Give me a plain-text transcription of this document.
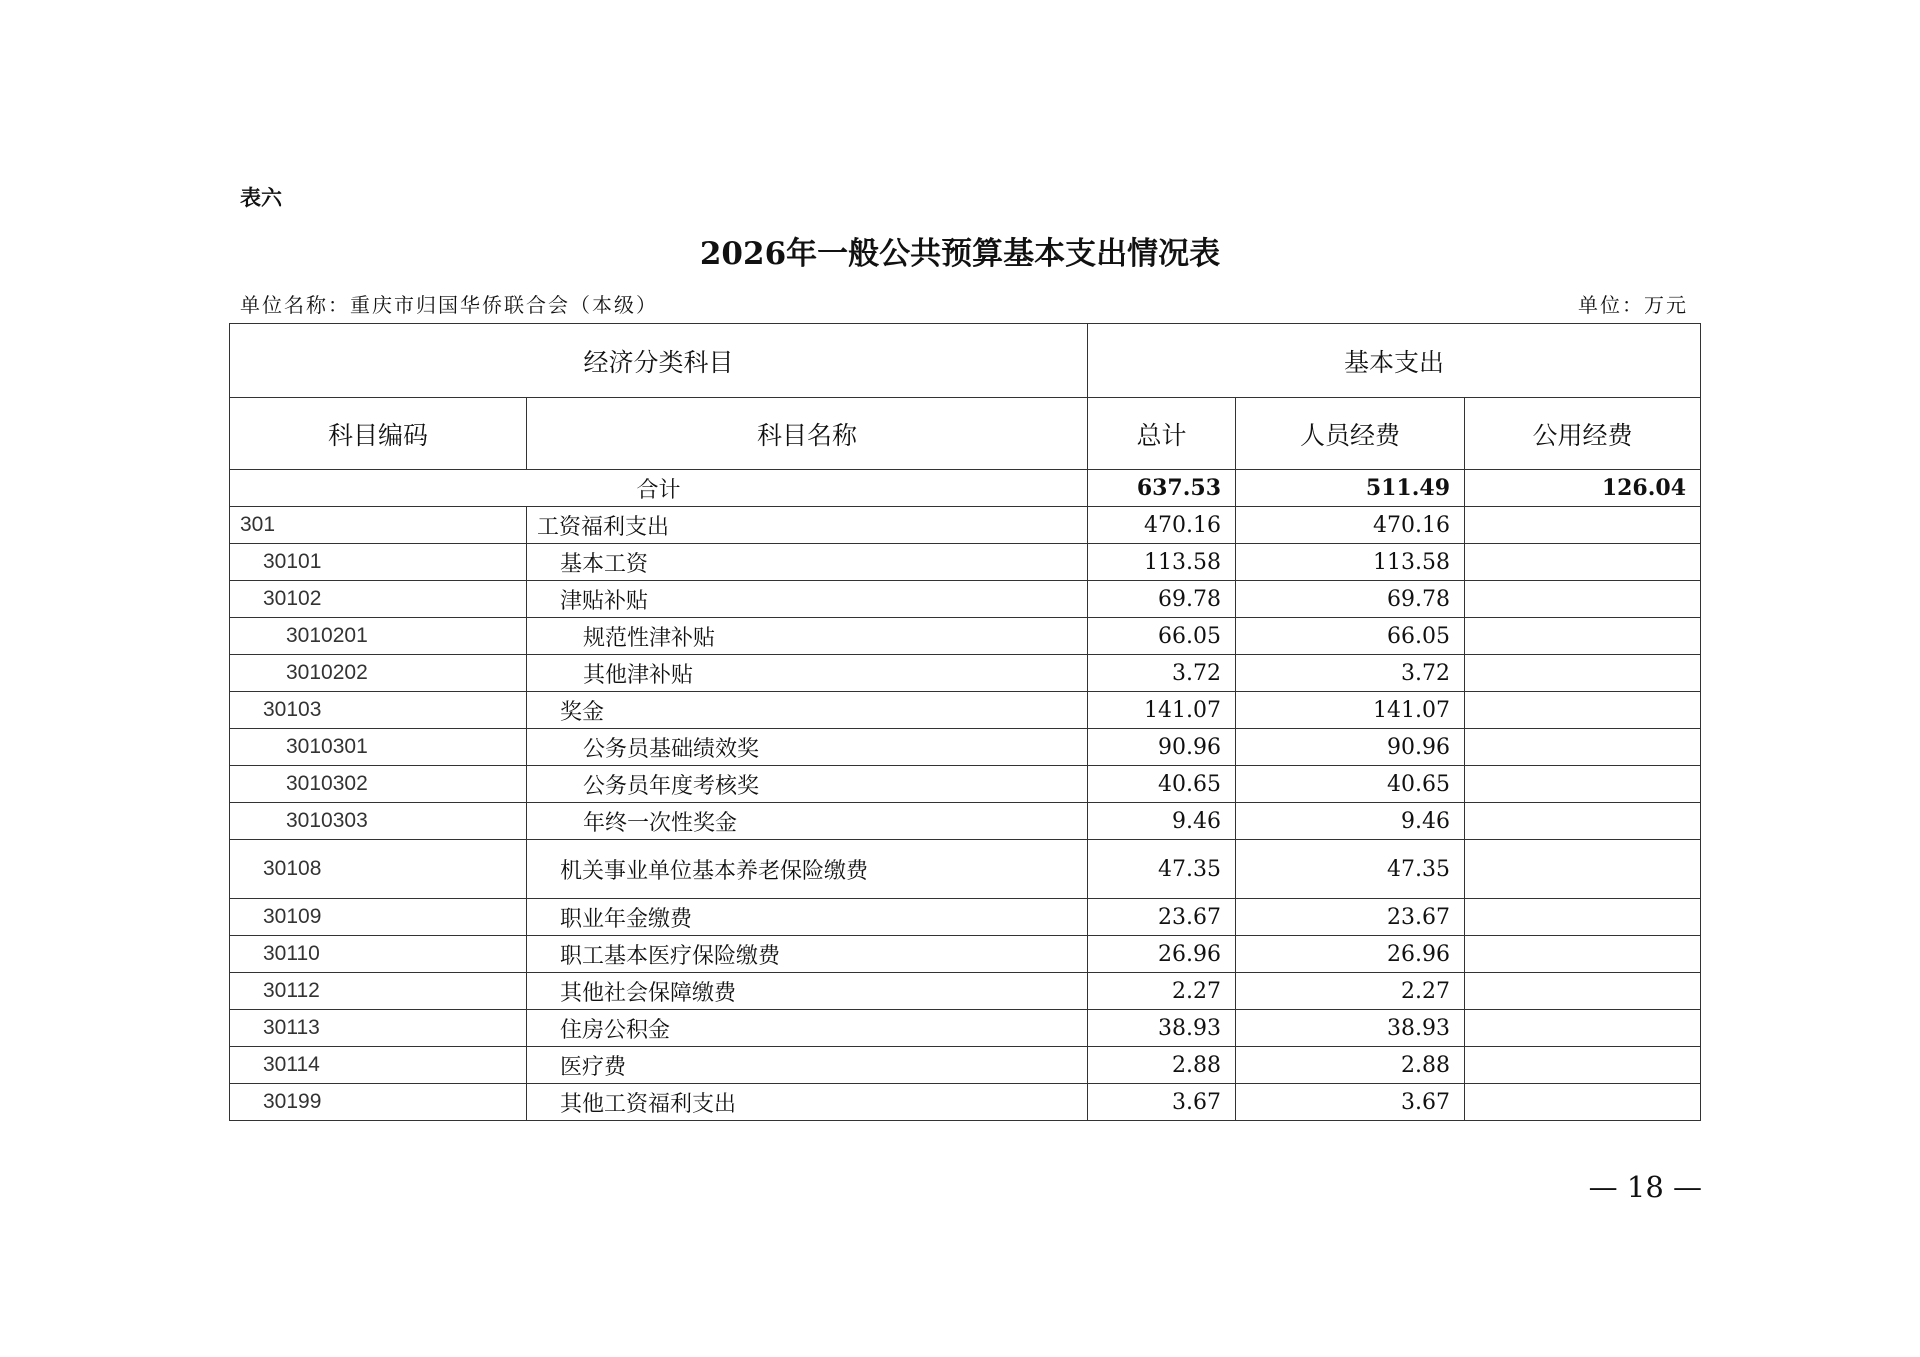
表六
2026年一般公共预算基本支出情况表
单位名称：重庆市归国华侨联合会（本级）	单位：万元
经济分类科目		基本支出		
科目编码	科目名称	总计	人员经费	公用经费
合计		637.53	511.49	126.04
301	工资福利支出	470.16	470.16	
30101	基本工资	113.58	113.58	
30102	津贴补贴	69.78	69.78	
3010201	规范性津补贴	66.05	66.05	
3010202	其他津补贴	3.72	3.72	
30103	奖金	141.07	141.07	
3010301	公务员基础绩效奖	90.96	90.96	
3010302	公务员年度考核奖	40.65	40.65	
3010303	年终一次性奖金	9.46	9.46	
30108	机关事业单位基本养老保险缴费	47.35	47.35	
30109	职业年金缴费	23.67	23.67	
30110	职工基本医疗保险缴费	26.96	26.96	
30112	其他社会保障缴费	2.27	2.27	
30113	住房公积金	38.93	38.93	
30114	医疗费	2.88	2.88	
30199	其他工资福利支出	3.67	3.67	
— 18 —
